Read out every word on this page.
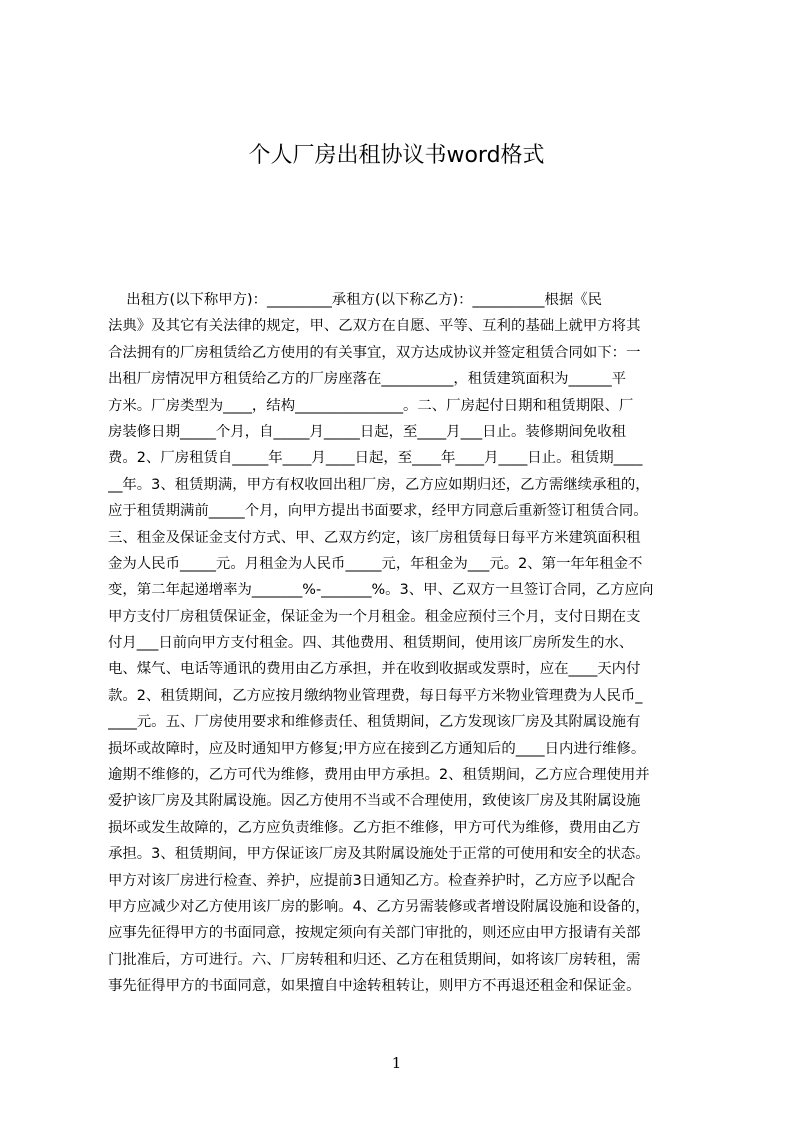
个人厂房出租协议书word格式
出租方(以下称甲方)：_________承租方(以下称乙方)：__________根据《民
法典》及其它有关法律的规定，甲、乙双方在自愿、平等、互利的基础上就甲方将其
合法拥有的厂房租赁给乙方使用的有关事宜，双方达成协议并签定租赁合同如下：一
出租厂房情况甲方租赁给乙方的厂房座落在__________，租赁建筑面积为______平
方米。厂房类型为____，结构_______________。二、厂房起付日期和租赁期限、厂
房装修日期_____个月，自_____月_____日起，至____月___日止。装修期间免收租
费。2、厂房租赁自_____年____月____日起，至____年____月____日止。租赁期____
__年。3、租赁期满，甲方有权收回出租厂房，乙方应如期归还，乙方需继续承租的，
应于租赁期满前_____个月，向甲方提出书面要求，经甲方同意后重新签订租赁合同。
三、租金及保证金支付方式、甲、乙双方约定，该厂房租赁每日每平方米建筑面积租
金为人民币_____元。月租金为人民币_____元，年租金为___元。2、第一年年租金不
变，第二年起递增率为_______%-_______%。3、甲、乙双方一旦签订合同，乙方应向
甲方支付厂房租赁保证金，保证金为一个月租金。租金应预付三个月，支付日期在支
付月___日前向甲方支付租金。四、其他费用、租赁期间，使用该厂房所发生的水、
电、煤气、电话等通讯的费用由乙方承担，并在收到收据或发票时，应在____天内付
款。2、租赁期间，乙方应按月缴纳物业管理费，每日每平方米物业管理费为人民币_
____元。五、厂房使用要求和维修责任、租赁期间，乙方发现该厂房及其附属设施有
损坏或故障时，应及时通知甲方修复;甲方应在接到乙方通知后的____日内进行维修。
逾期不维修的，乙方可代为维修，费用由甲方承担。2、租赁期间，乙方应合理使用并
爱护该厂房及其附属设施。因乙方使用不当或不合理使用，致使该厂房及其附属设施
损坏或发生故障的，乙方应负责维修。乙方拒不维修，甲方可代为维修，费用由乙方
承担。3、租赁期间，甲方保证该厂房及其附属设施处于正常的可使用和安全的状态。
甲方对该厂房进行检查、养护，应提前3日通知乙方。检查养护时，乙方应予以配合
甲方应减少对乙方使用该厂房的影响。4、乙方另需装修或者增设附属设施和设备的，
应事先征得甲方的书面同意，按规定须向有关部门审批的，则还应由甲方报请有关部
门批准后，方可进行。六、厂房转租和归还、乙方在租赁期间，如将该厂房转租，需
事先征得甲方的书面同意，如果擅自中途转租转让，则甲方不再退还租金和保证金。
1
